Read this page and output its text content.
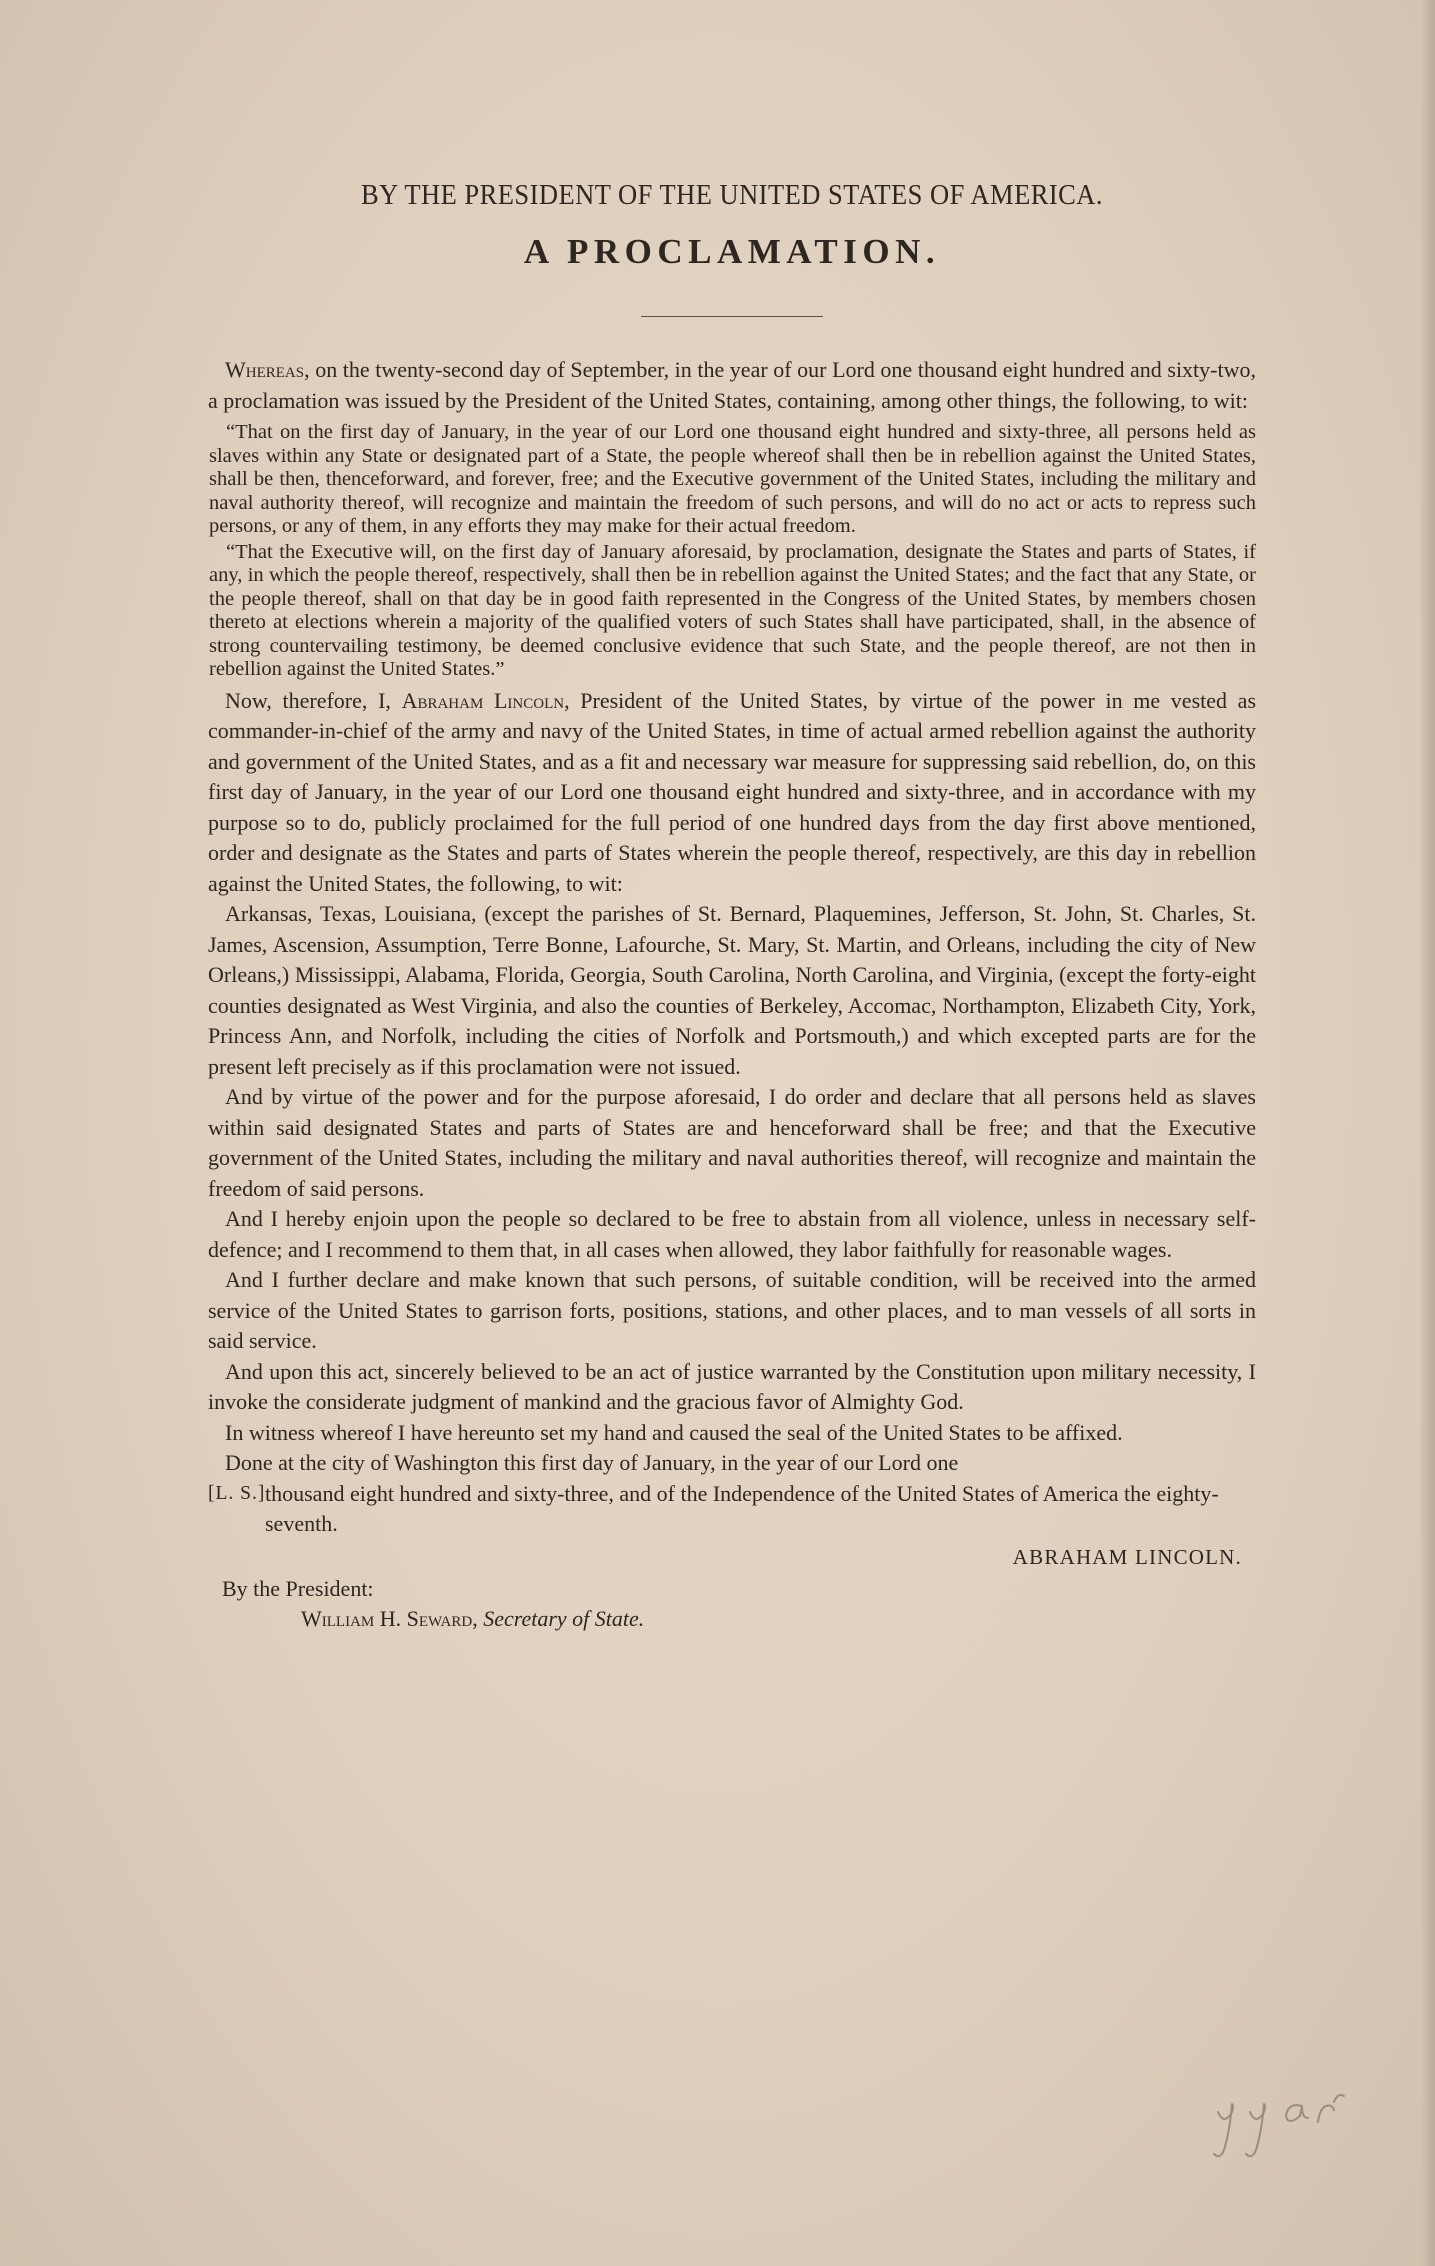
BY THE PRESIDENT OF THE UNITED STATES OF AMERICA.
A PROCLAMATION.

Whereas, on the twenty-second day of September, in the year of our Lord one thousand eight hundred and sixty-two, a proclamation was issued by the President of the United States, containing, among other things, the following, to wit:

“That on the first day of January, in the year of our Lord one thousand eight hundred and sixty-three, all persons held as slaves within any State or designated part of a State, the people whereof shall then be in rebellion against the United States, shall be then, thenceforward, and forever, free; and the Executive government of the United States, including the military and naval authority thereof, will recognize and maintain the freedom of such persons, and will do no act or acts to repress such persons, or any of them, in any efforts they may make for their actual freedom.

“That the Executive will, on the first day of January aforesaid, by proclamation, designate the States and parts of States, if any, in which the people thereof, respectively, shall then be in rebellion against the United States; and the fact that any State, or the people thereof, shall on that day be in good faith represented in the Congress of the United States, by members chosen thereto at elections wherein a majority of the qualified voters of such States shall have participated, shall, in the absence of strong countervailing testimony, be deemed conclusive evidence that such State, and the people thereof, are not then in rebellion against the United States.”

Now, therefore, I, Abraham Lincoln, President of the United States, by virtue of the power in me vested as commander-in-chief of the army and navy of the United States, in time of actual armed rebellion against the authority and government of the United States, and as a fit and necessary war measure for suppressing said rebellion, do, on this first day of January, in the year of our Lord one thousand eight hundred and sixty-three, and in accordance with my purpose so to do, publicly proclaimed for the full period of one hundred days from the day first above mentioned, order and designate as the States and parts of States wherein the people thereof, respectively, are this day in rebellion against the United States, the following, to wit:

Arkansas, Texas, Louisiana, (except the parishes of St. Bernard, Plaquemines, Jefferson, St. John, St. Charles, St. James, Ascension, Assumption, Terre Bonne, Lafourche, St. Mary, St. Martin, and Orleans, including the city of New Orleans,) Mississippi, Alabama, Florida, Georgia, South Carolina, North Carolina, and Virginia, (except the forty-eight counties designated as West Virginia, and also the counties of Berkeley, Accomac, Northampton, Elizabeth City, York, Princess Ann, and Norfolk, including the cities of Norfolk and Portsmouth,) and which excepted parts are for the present left precisely as if this proclamation were not issued.

And by virtue of the power and for the purpose aforesaid, I do order and declare that all persons held as slaves within said designated States and parts of States are and henceforward shall be free; and that the Executive government of the United States, including the military and naval authorities thereof, will recognize and maintain the freedom of said persons.

And I hereby enjoin upon the people so declared to be free to abstain from all violence, unless in necessary self-defence; and I recommend to them that, in all cases when allowed, they labor faithfully for reasonable wages.

And I further declare and make known that such persons, of suitable condition, will be received into the armed service of the United States to garrison forts, positions, stations, and other places, and to man vessels of all sorts in said service.

And upon this act, sincerely believed to be an act of justice warranted by the Constitution upon military necessity, I invoke the considerate judgment of mankind and the gracious favor of Almighty God.

In witness whereof I have hereunto set my hand and caused the seal of the United States to be affixed.

Done at the city of Washington this first day of January, in the year of our Lord one
[L. S.] thousand eight hundred and sixty-three, and of the Independence of the United States of America the eighty-seventh.
ABRAHAM LINCOLN.
By the President:
William H. Seward, Secretary of State.
